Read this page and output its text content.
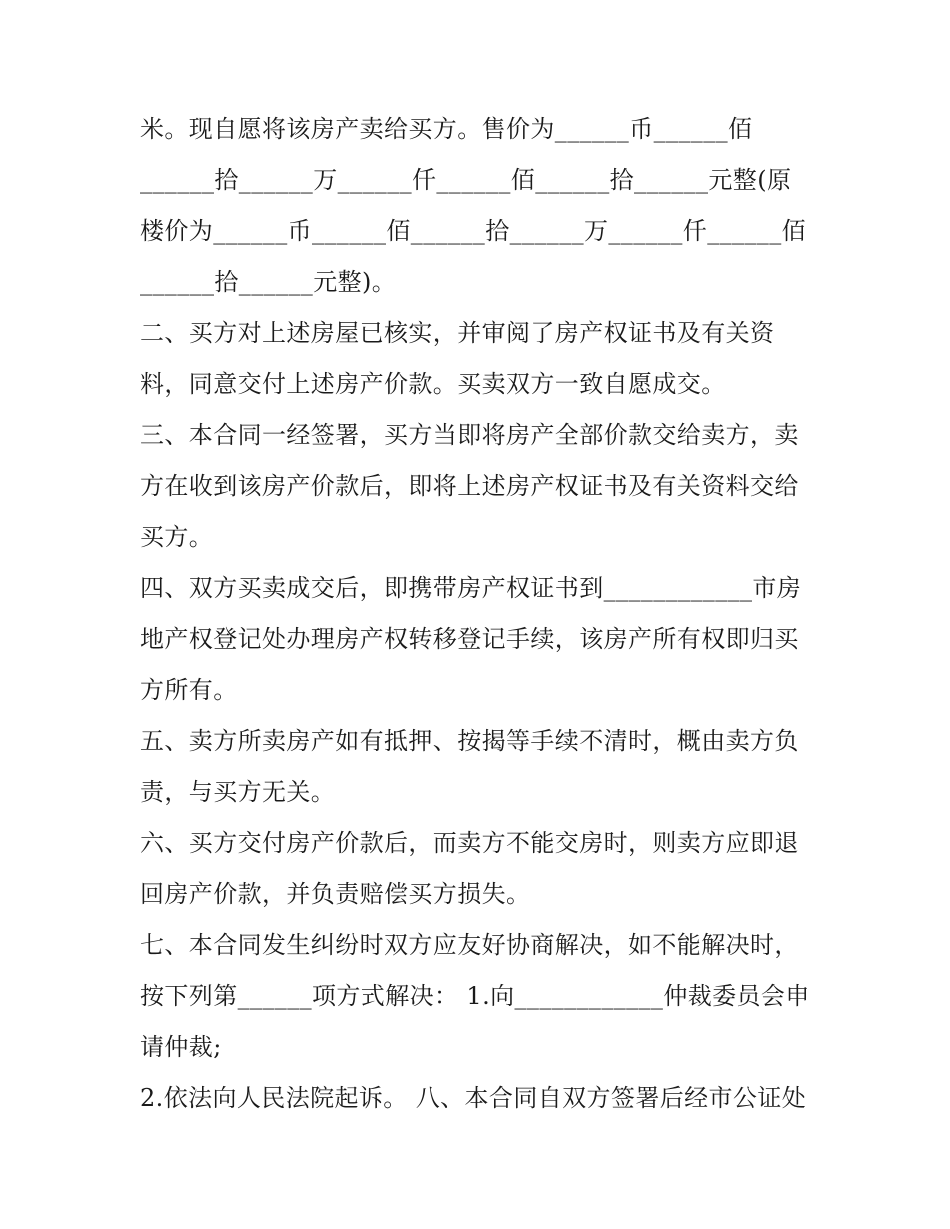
米。现自愿将该房产卖给买方。售价为______币______佰
______拾______万______仟______佰______拾______元整(原
楼价为______币______佰______拾______万______仟______佰
______拾______元整)。
二、买方对上述房屋已核实，并审阅了房产权证书及有关资
料，同意交付上述房产价款。买卖双方一致自愿成交。
三、本合同一经签署，买方当即将房产全部价款交给卖方，卖
方在收到该房产价款后，即将上述房产权证书及有关资料交给
买方。
四、双方买卖成交后，即携带房产权证书到____________市房
地产权登记处办理房产权转移登记手续，该房产所有权即归买
方所有。
五、卖方所卖房产如有抵押、按揭等手续不清时，概由卖方负
责，与买方无关。
六、买方交付房产价款后，而卖方不能交房时，则卖方应即退
回房产价款，并负责赔偿买方损失。
七、本合同发生纠纷时双方应友好协商解决，如不能解决时，
按下列第______项方式解决： 1.向____________仲裁委员会申
请仲裁;
2.依法向人民法院起诉。 八、本合同自双方签署后经市公证处
